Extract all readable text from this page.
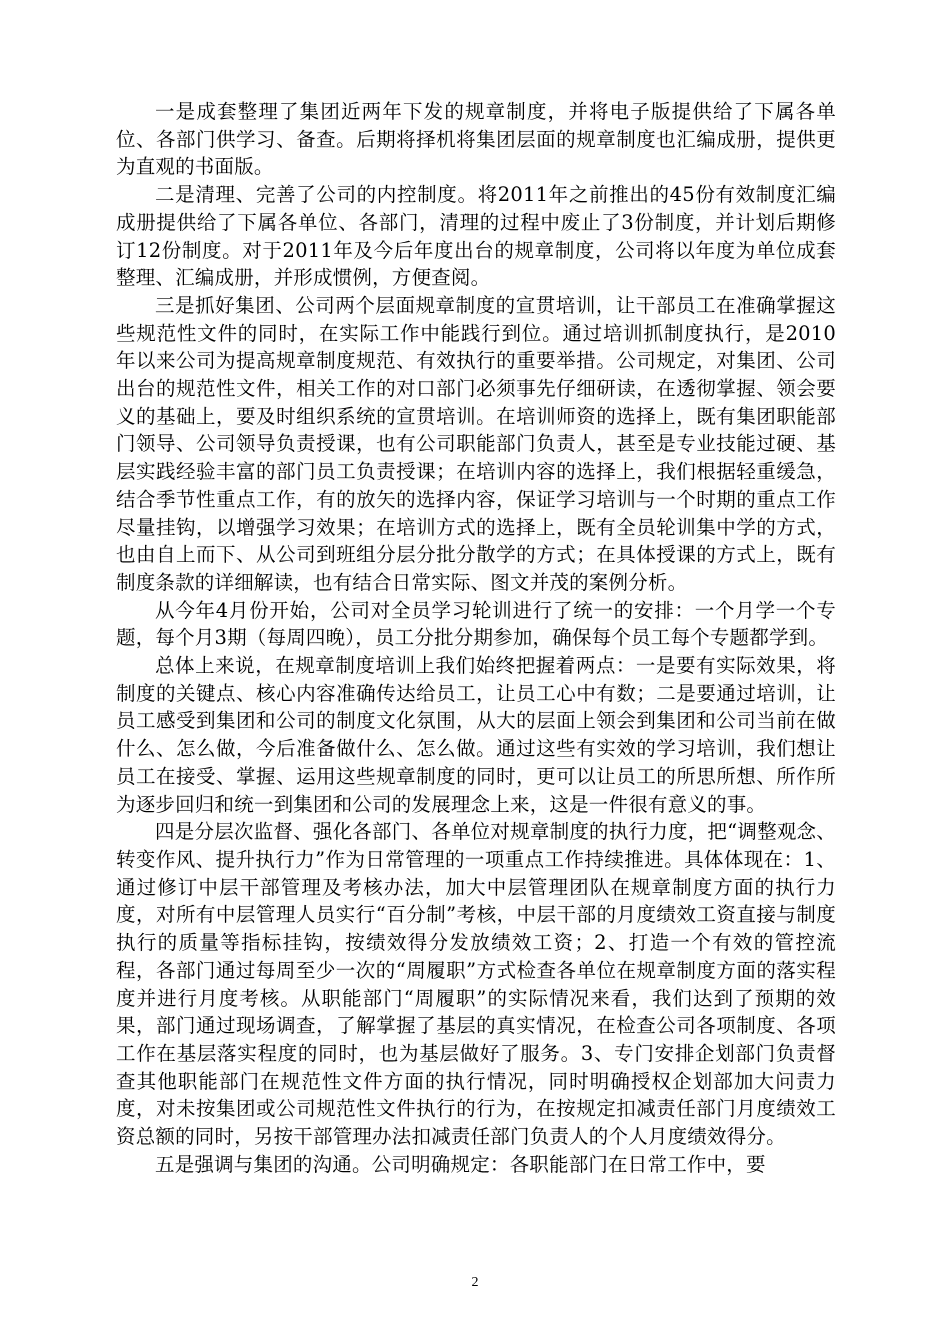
一是成套整理了集团近两年下发的规章制度，并将电子版提供给了下属各单位、各部门供学习、备查。后期将择机将集团层面的规章制度也汇编成册，提供更为直观的书面版。

二是清理、完善了公司的内控制度。将2011年之前推出的45份有效制度汇编成册提供给了下属各单位、各部门，清理的过程中废止了3份制度，并计划后期修订12份制度。对于2011年及今后年度出台的规章制度，公司将以年度为单位成套整理、汇编成册，并形成惯例，方便查阅。

三是抓好集团、公司两个层面规章制度的宣贯培训，让干部员工在准确掌握这些规范性文件的同时，在实际工作中能践行到位。通过培训抓制度执行，是2010年以来公司为提高规章制度规范、有效执行的重要举措。公司规定，对集团、公司出台的规范性文件，相关工作的对口部门必须事先仔细研读，在透彻掌握、领会要义的基础上，要及时组织系统的宣贯培训。在培训师资的选择上，既有集团职能部门领导、公司领导负责授课，也有公司职能部门负责人，甚至是专业技能过硬、基层实践经验丰富的部门员工负责授课；在培训内容的选择上，我们根据轻重缓急，结合季节性重点工作，有的放矢的选择内容，保证学习培训与一个时期的重点工作尽量挂钩，以增强学习效果；在培训方式的选择上，既有全员轮训集中学的方式，也由自上而下、从公司到班组分层分批分散学的方式；在具体授课的方式上，既有制度条款的详细解读，也有结合日常实际、图文并茂的案例分析。

从今年4月份开始，公司对全员学习轮训进行了统一的安排：一个月学一个专题，每个月3期（每周四晚），员工分批分期参加，确保每个员工每个专题都学到。

总体上来说，在规章制度培训上我们始终把握着两点：一是要有实际效果，将制度的关键点、核心内容准确传达给员工，让员工心中有数；二是要通过培训，让员工感受到集团和公司的制度文化氛围，从大的层面上领会到集团和公司当前在做什么、怎么做，今后准备做什么、怎么做。通过这些有实效的学习培训，我们想让员工在接受、掌握、运用这些规章制度的同时，更可以让员工的所思所想、所作所为逐步回归和统一到集团和公司的发展理念上来，这是一件很有意义的事。

四是分层次监督、强化各部门、各单位对规章制度的执行力度，把“调整观念、转变作风、提升执行力”作为日常管理的一项重点工作持续推进。具体体现在：1、通过修订中层干部管理及考核办法，加大中层管理团队在规章制度方面的执行力度，对所有中层管理人员实行“百分制”考核，中层干部的月度绩效工资直接与制度执行的质量等指标挂钩，按绩效得分发放绩效工资；2、打造一个有效的管控流程，各部门通过每周至少一次的“周履职”方式检查各单位在规章制度方面的落实程度并进行月度考核。从职能部门“周履职”的实际情况来看，我们达到了预期的效果，部门通过现场调查，了解掌握了基层的真实情况，在检查公司各项制度、各项工作在基层落实程度的同时，也为基层做好了服务。3、专门安排企划部门负责督查其他职能部门在规范性文件方面的执行情况，同时明确授权企划部加大问责力度，对未按集团或公司规范性文件执行的行为，在按规定扣减责任部门月度绩效工资总额的同时，另按干部管理办法扣减责任部门负责人的个人月度绩效得分。

五是强调与集团的沟通。公司明确规定：各职能部门在日常工作中，要

2
